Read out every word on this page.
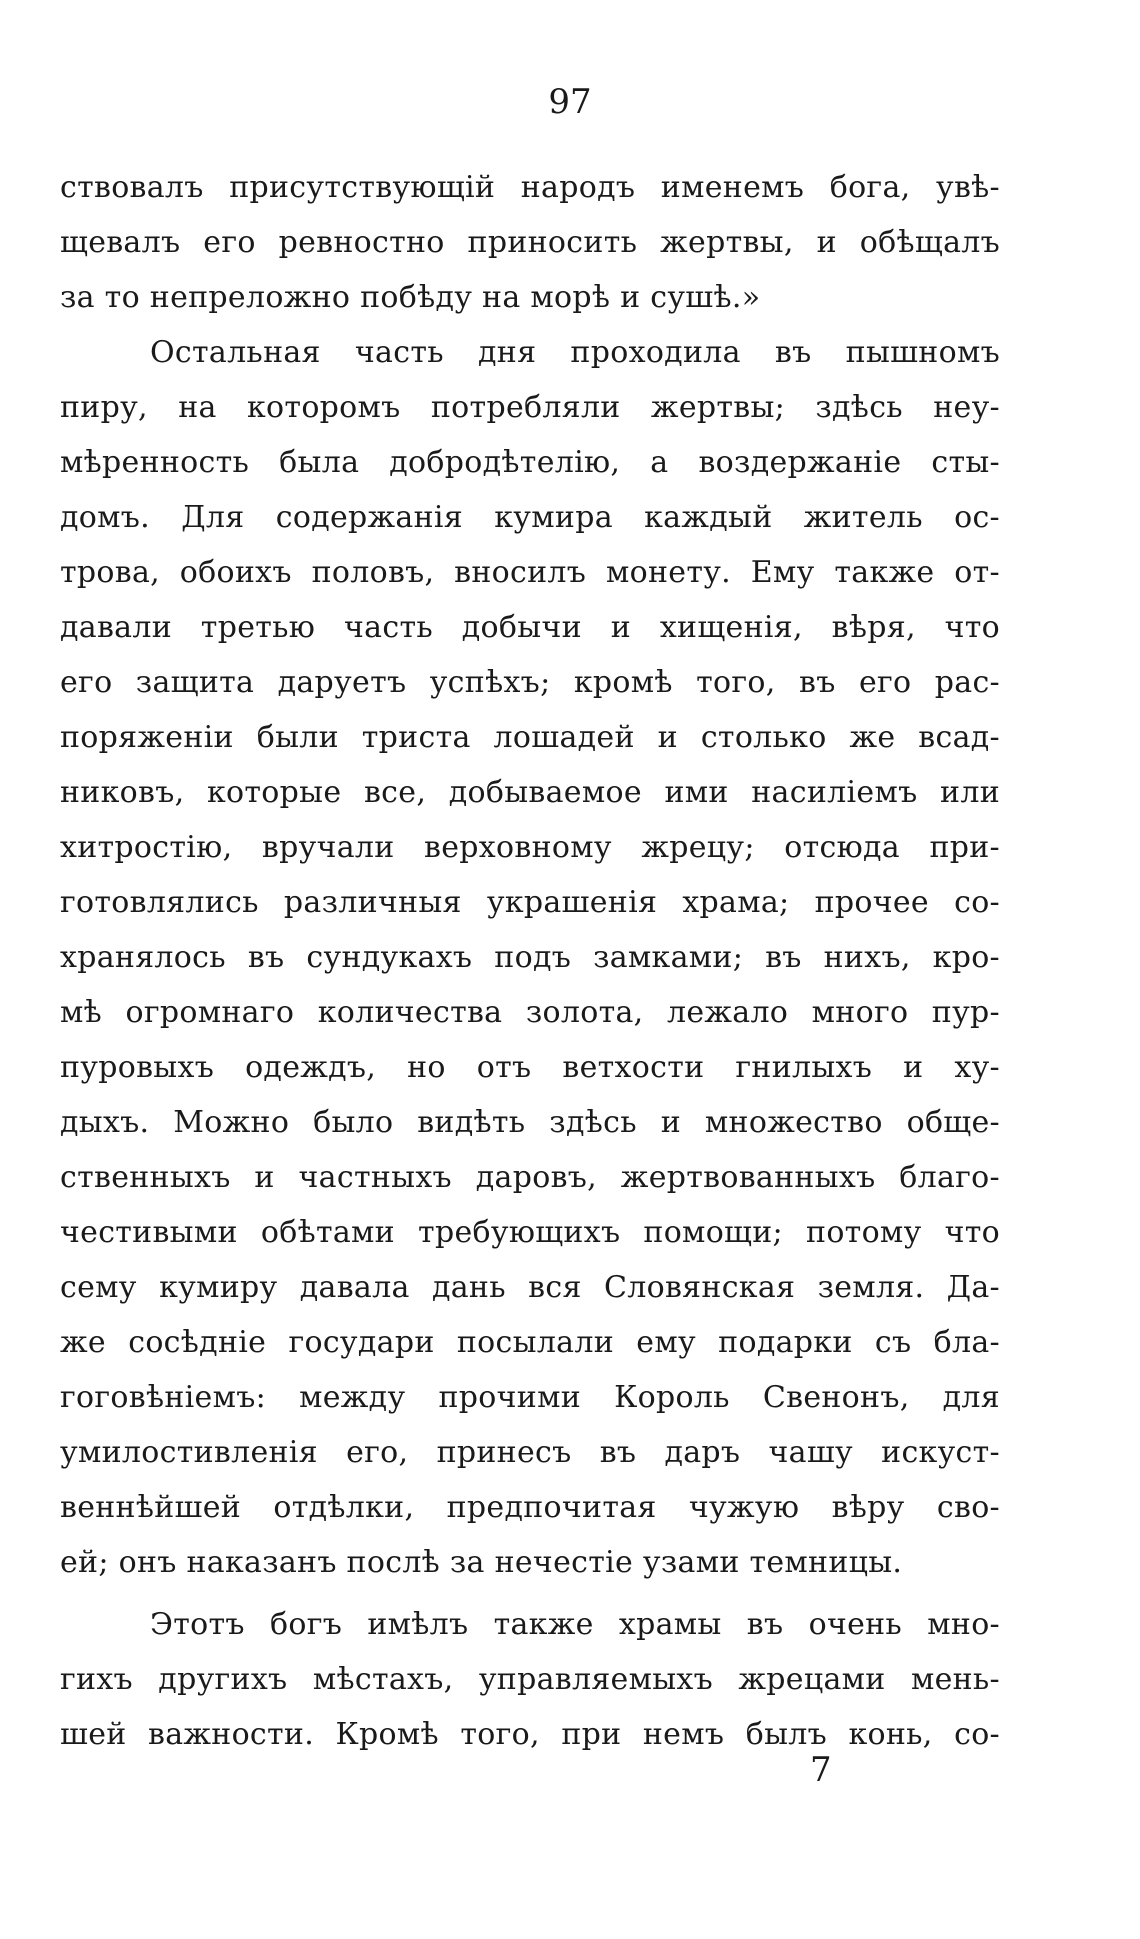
97
ствовалъ присутствующій народъ именемъ бога, увѣ-
щевалъ его ревностно приносить жертвы, и обѣщалъ
за то непреложно побѣду на морѣ и сушѣ.»
Остальная часть дня проходила въ пышномъ
пиру, на которомъ потребляли жертвы; здѣсь неу-
мѣренность была добродѣтелію, а воздержаніе сты-
домъ. Для содержанія кумира каждый житель ос-
трова, обоихъ половъ, вносилъ монету. Ему также от-
давали третью часть добычи и хищенія, вѣря, что
его защита даруетъ успѣхъ; кромѣ того, въ его рас-
поряженіи были триста лошадей и столько же всад-
никовъ, которые все, добываемое ими насиліемъ или
хитростію, вручали верховному жрецу; отсюда при-
готовлялись различныя украшенія храма; прочее со-
хранялось въ сундукахъ подъ замками; въ нихъ, кро-
мѣ огромнаго количества золота, лежало много пур-
пуровыхъ одеждъ, но отъ ветхости гнилыхъ и ху-
дыхъ. Можно было видѣть здѣсь и множество обще-
ственныхъ и частныхъ даровъ, жертвованныхъ благо-
честивыми обѣтами требующихъ помощи; потому что
сему кумиру давала дань вся Словянская земля. Да-
же сосѣдніе государи посылали ему подарки съ бла-
гоговѣніемъ: между прочими Король Свенонъ, для
умилостивленія его, принесъ въ даръ чашу искуст-
веннѣйшей отдѣлки, предпочитая чужую вѣру сво-
ей; онъ наказанъ послѣ за нечестіе узами темницы.
Этотъ богъ имѣлъ также храмы въ очень мно-
гихъ другихъ мѣстахъ, управляемыхъ жрецами мень-
шей важности. Кромѣ того, при немъ былъ конь, со-
7
